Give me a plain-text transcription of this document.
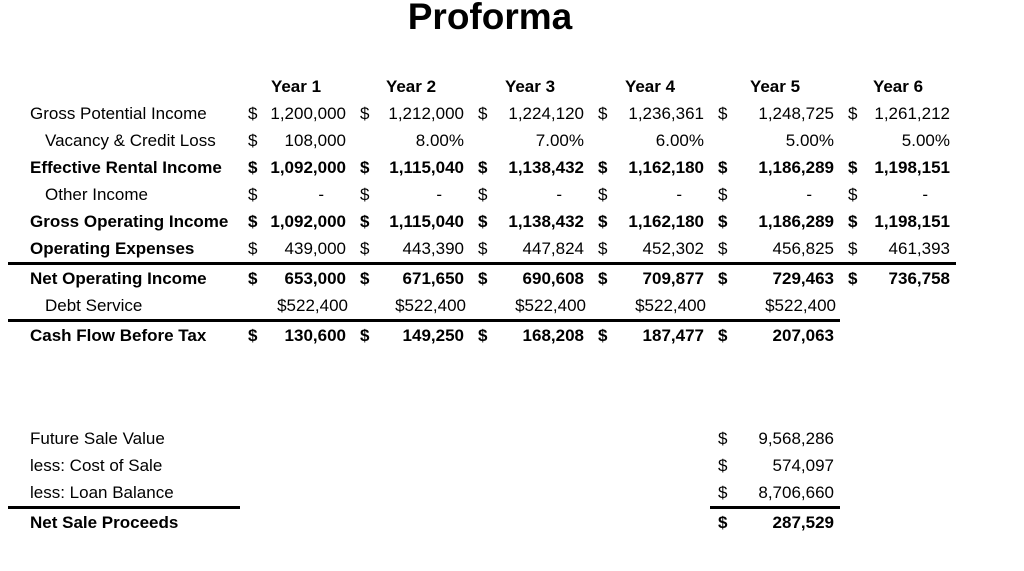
Proforma
	Year 1	Year 2	Year 3	Year 4	Year 5	Year 6
Gross Potential Income	$ 1,200,000	$ 1,212,000	$ 1,224,120	$ 1,236,361	$ 1,248,725	$ 1,261,212
Vacancy & Credit Loss	$ 108,000	8.00%	7.00%	6.00%	5.00%	5.00%
Effective Rental Income	$ 1,092,000	$ 1,115,040	$ 1,138,432	$ 1,162,180	$ 1,186,289	$ 1,198,151
Other Income	$ -	$ -	$ -	$ -	$ -	$ -
Gross Operating Income	$ 1,092,000	$ 1,115,040	$ 1,138,432	$ 1,162,180	$ 1,186,289	$ 1,198,151
Operating Expenses	$ 439,000	$ 443,390	$ 447,824	$ 452,302	$ 456,825	$ 461,393
Net Operating Income	$ 653,000	$ 671,650	$ 690,608	$ 709,877	$ 729,463	$ 736,758
Debt Service	$522,400	$522,400	$522,400	$522,400	$522,400	
Cash Flow Before Tax	$ 130,600	$ 149,250	$ 168,208	$ 187,477	$ 207,063	
Future Sale Value		$ 9,568,286	
less: Cost of Sale		$ 574,097	
less: Loan Balance		$ 8,706,660	
Net Sale Proceeds		$ 287,529	
